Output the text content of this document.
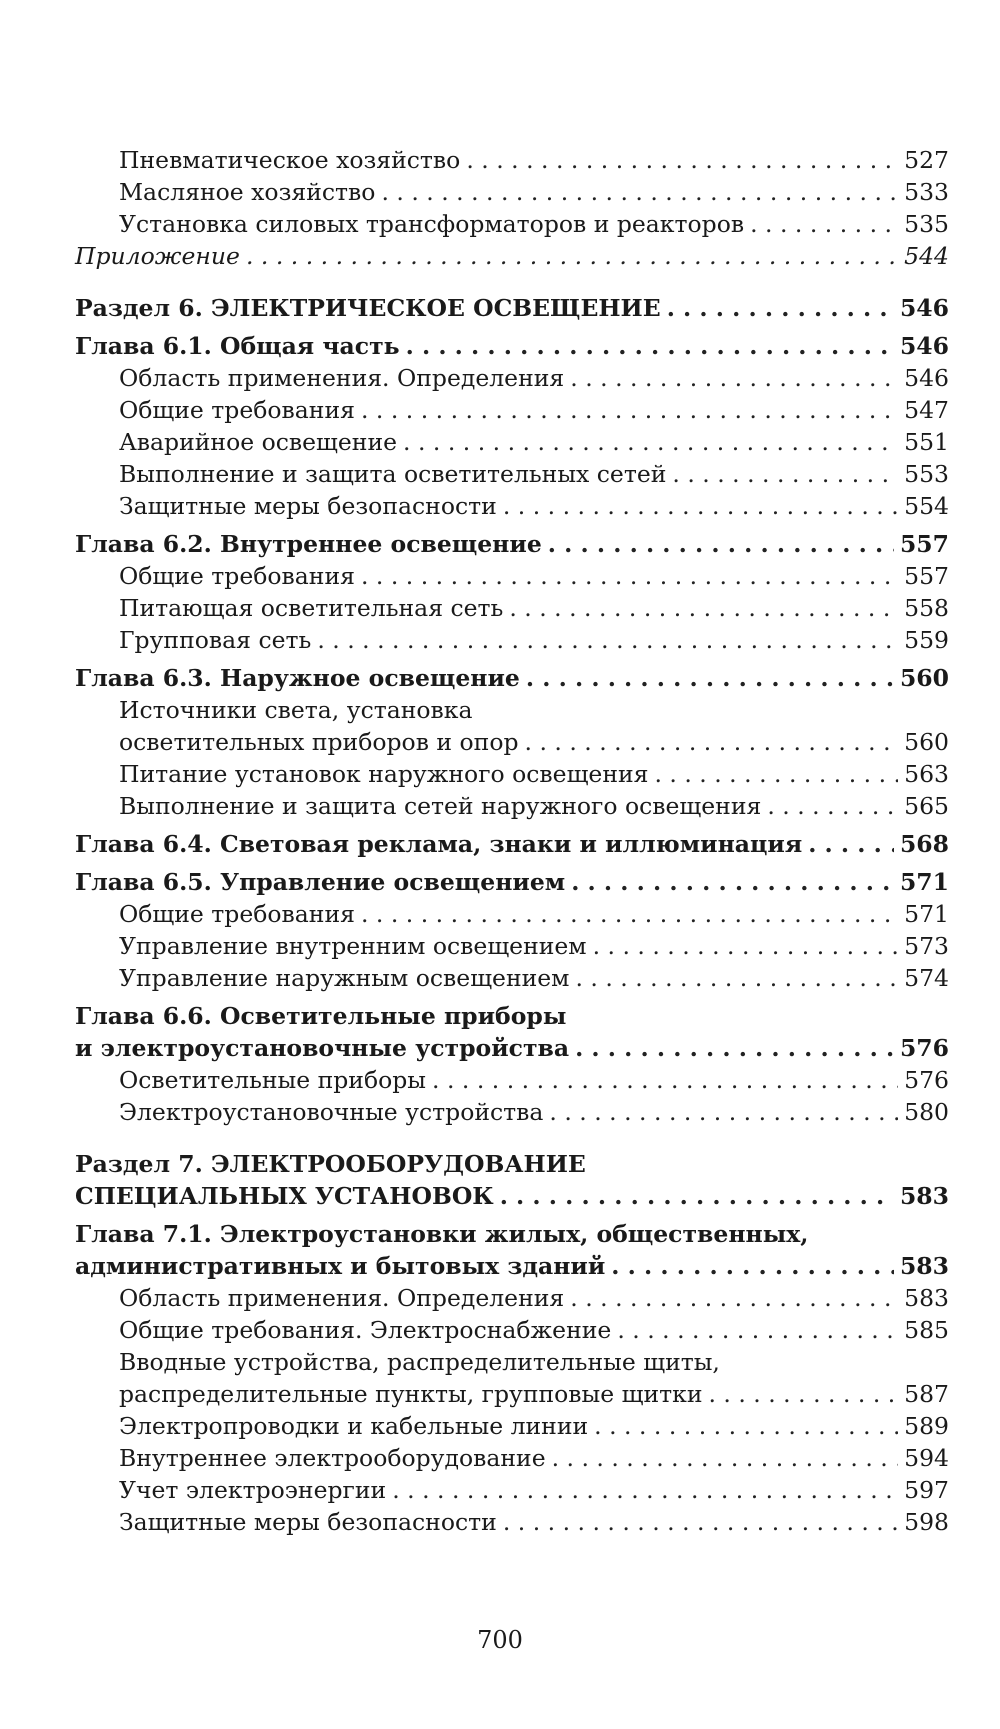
Пневматическое хозяйство . . .	527
Масляное хозяйство . . .	533
Установка силовых трансформаторов и реакторов . . .	535
Приложение . . .	544
Раздел 6. ЭЛЕКТРИЧЕСКОЕ ОСВЕЩЕНИЕ . . .	546
Глава 6.1. Общая часть . . .	546
Область применения. Определения . . .	546
Общие требования . . .	547
Аварийное освещение . . .	551
Выполнение и защита осветительных сетей . . .	553
Защитные меры безопасности . . .	554
Глава 6.2. Внутреннее освещение . . .	557
Общие требования . . .	557
Питающая осветительная сеть . . .	558
Групповая сеть . . .	559
Глава 6.3. Наружное освещение . . .	560
Источники света, установка
осветительных приборов и опор . . .	560
Питание установок наружного освещения . . .	563
Выполнение и защита сетей наружного освещения . . .	565
Глава 6.4. Световая реклама, знаки и иллюминация . . .	568
Глава 6.5. Управление освещением . . .	571
Общие требования . . .	571
Управление внутренним освещением . . .	573
Управление наружным освещением . . .	574
Глава 6.6. Осветительные приборы
и электроустановочные устройства . . .	576
Осветительные приборы . . .	576
Электроустановочные устройства . . .	580
Раздел 7. ЭЛЕКТРООБОРУДОВАНИЕ
СПЕЦИАЛЬНЫХ УСТАНОВОК . . .	583
Глава 7.1. Электроустановки жилых, общественных,
административных и бытовых зданий . . .	583
Область применения. Определения . . .	583
Общие требования. Электроснабжение . . .	585
Вводные устройства, распределительные щиты,
распределительные пункты, групповые щитки . . .	587
Электропроводки и кабельные линии . . .	589
Внутреннее электрооборудование . . .	594
Учет электроэнергии . . .	597
Защитные меры безопасности . . .	598
700
